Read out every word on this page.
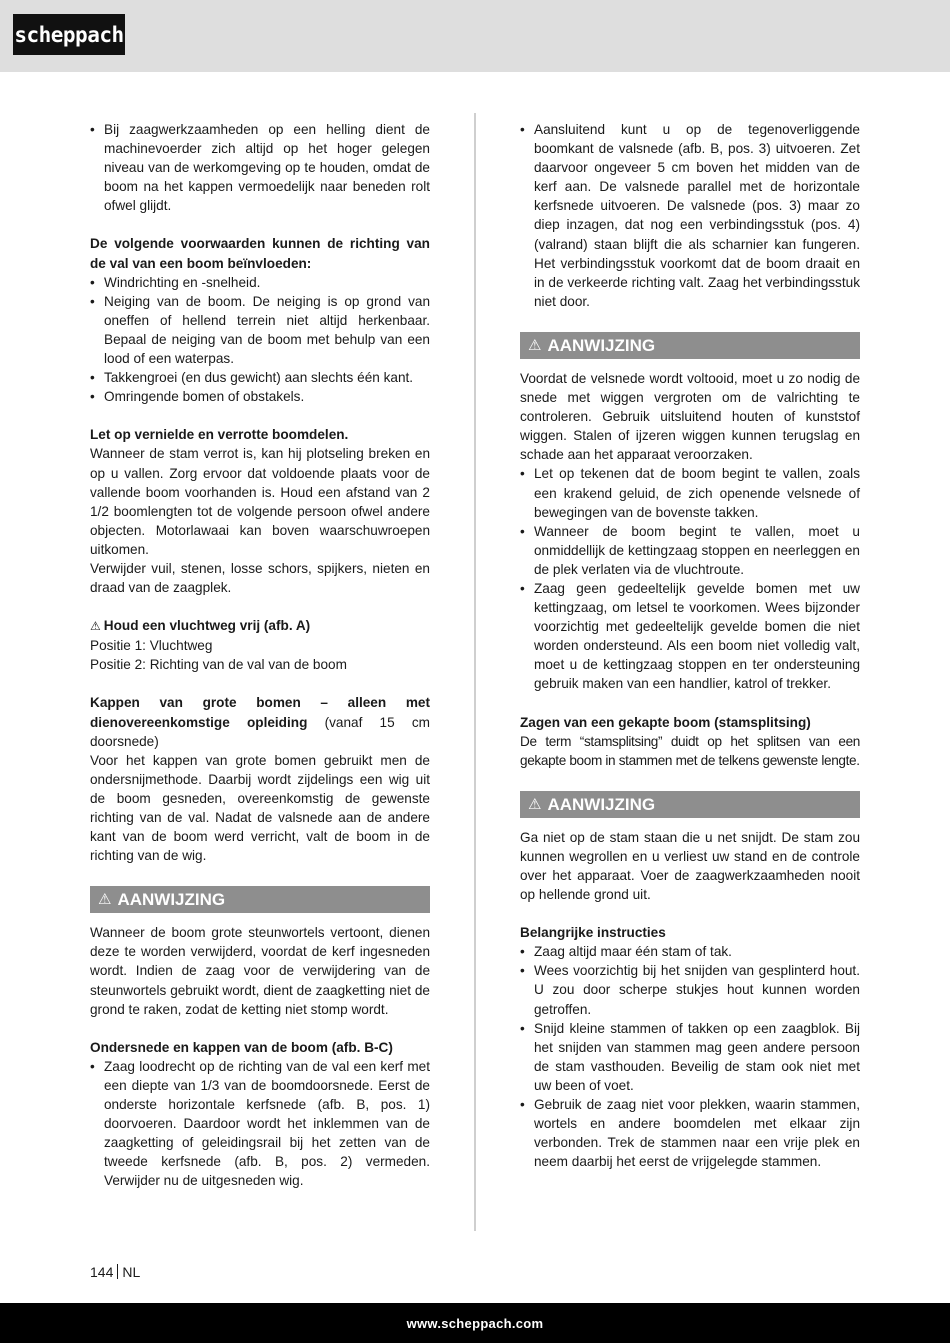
scheppach
• Bij zaagwerkzaamheden op een helling dient de machinevoerder zich altijd op het hoger gelegen niveau van de werkomgeving op te houden, omdat de boom na het kappen vermoedelijk naar beneden rolt ofwel glijdt.

De volgende voorwaarden kunnen de richting van de val van een boom beïnvloeden:

• Windrichting en -snelheid.
• Neiging van de boom. De neiging is op grond van oneffen of hellend terrein niet altijd herkenbaar. Bepaal de neiging van de boom met behulp van een lood of een waterpas.
• Takkengroei (en dus gewicht) aan slechts één kant.
• Omringende bomen of obstakels.

Let op vernielde en verrotte boomdelen.

Wanneer de stam verrot is, kan hij plotseling breken en op u vallen. Zorg ervoor dat voldoende plaats voor de vallende boom voorhanden is. Houd een afstand van 2 1/2 boomlengten tot de volgende persoon ofwel andere objecten. Motorlawaai kan boven waarschuwroepen uitkomen.

Verwijder vuil, stenen, losse schors, spijkers, nieten en draad van de zaagplek.

⚠ Houd een vluchtweg vrij (afb. A)

Positie 1: Vluchtweg

Positie 2: Richting van de val van de boom

Kappen van grote bomen – alleen met dienovereenkomstige opleiding (vanaf 15 cm doorsnede)

Voor het kappen van grote bomen gebruikt men de ondersnijmethode. Daarbij wordt zijdelings een wig uit de boom gesneden, overeenkomstig de gewenste richting van de val. Nadat de valsnede aan de andere kant van de boom werd verricht, valt de boom in de richting van de wig.

⚠ AANWIJZING

Wanneer de boom grote steunwortels vertoont, dienen deze te worden verwijderd, voordat de kerf ingesneden wordt. Indien de zaag voor de verwijdering van de steunwortels gebruikt wordt, dient de zaagketting niet de grond te raken, zodat de ketting niet stomp wordt.

Ondersnede en kappen van de boom (afb. B-C)

• Zaag loodrecht op de richting van de val een kerf met een diepte van 1/3 van de boomdoorsnede. Eerst de onderste horizontale kerfsnede (afb. B, pos. 1) doorvoeren. Daardoor wordt het inklemmen van de zaagketting of geleidingsrail bij het zetten van de tweede kerfsnede (afb. B, pos. 2) vermeden. Verwijder nu de uitgesneden wig.
• Aansluitend kunt u op de tegenoverliggende boomkant de valsnede (afb. B, pos. 3) uitvoeren. Zet daarvoor ongeveer 5 cm boven het midden van de kerf aan. De valsnede parallel met de horizontale kerfsnede uitvoeren. De valsnede (pos. 3) maar zo diep inzagen, dat nog een verbindingsstuk (pos. 4) (valrand) staan blijft die als scharnier kan fungeren. Het verbindingsstuk voorkomt dat de boom draait en in de verkeerde richting valt. Zaag het verbindingsstuk niet door.
⚠ AANWIJZING

Voordat de velsnede wordt voltooid, moet u zo nodig de snede met wiggen vergroten om de valrichting te controleren. Gebruik uitsluitend houten of kunststof wiggen. Stalen of ijzeren wiggen kunnen terugslag en schade aan het apparaat veroorzaken.

• Let op tekenen dat de boom begint te vallen, zoals een krakend geluid, de zich openende velsnede of bewegingen van de bovenste takken.
• Wanneer de boom begint te vallen, moet u onmiddellijk de kettingzaag stoppen en neerleggen en de plek verlaten via de vluchtroute.
• Zaag geen gedeeltelijk gevelde bomen met uw kettingzaag, om letsel te voorkomen. Wees bijzonder voorzichtig met gedeeltelijk gevelde bomen die niet worden ondersteund. Als een boom niet volledig valt, moet u de kettingzaag stoppen en ter ondersteuning gebruik maken van een handlier, katrol of trekker.

Zagen van een gekapte boom (stamsplitsing)

De term “stamsplitsing” duidt op het splitsen van een gekapte boom in stammen met de telkens gewenste lengte.

⚠ AANWIJZING

Ga niet op de stam staan die u net snijdt. De stam zou kunnen wegrollen en u verliest uw stand en de controle over het apparaat. Voer de zaagwerkzaamheden nooit op hellende grond uit.

Belangrijke instructies

• Zaag altijd maar één stam of tak.
• Wees voorzichtig bij het snijden van gesplinterd hout. U zou door scherpe stukjes hout kunnen worden getroffen.
• Snijd kleine stammen of takken op een zaagblok. Bij het snijden van stammen mag geen andere persoon de stam vasthouden. Beveilig de stam ook niet met uw been of voet.
• Gebruik de zaag niet voor plekken, waarin stammen, wortels en andere boomdelen met elkaar zijn verbonden. Trek de stammen naar een vrije plek en neem daarbij het eerst de vrijgelegde stammen.
144 NL
www.scheppach.com
